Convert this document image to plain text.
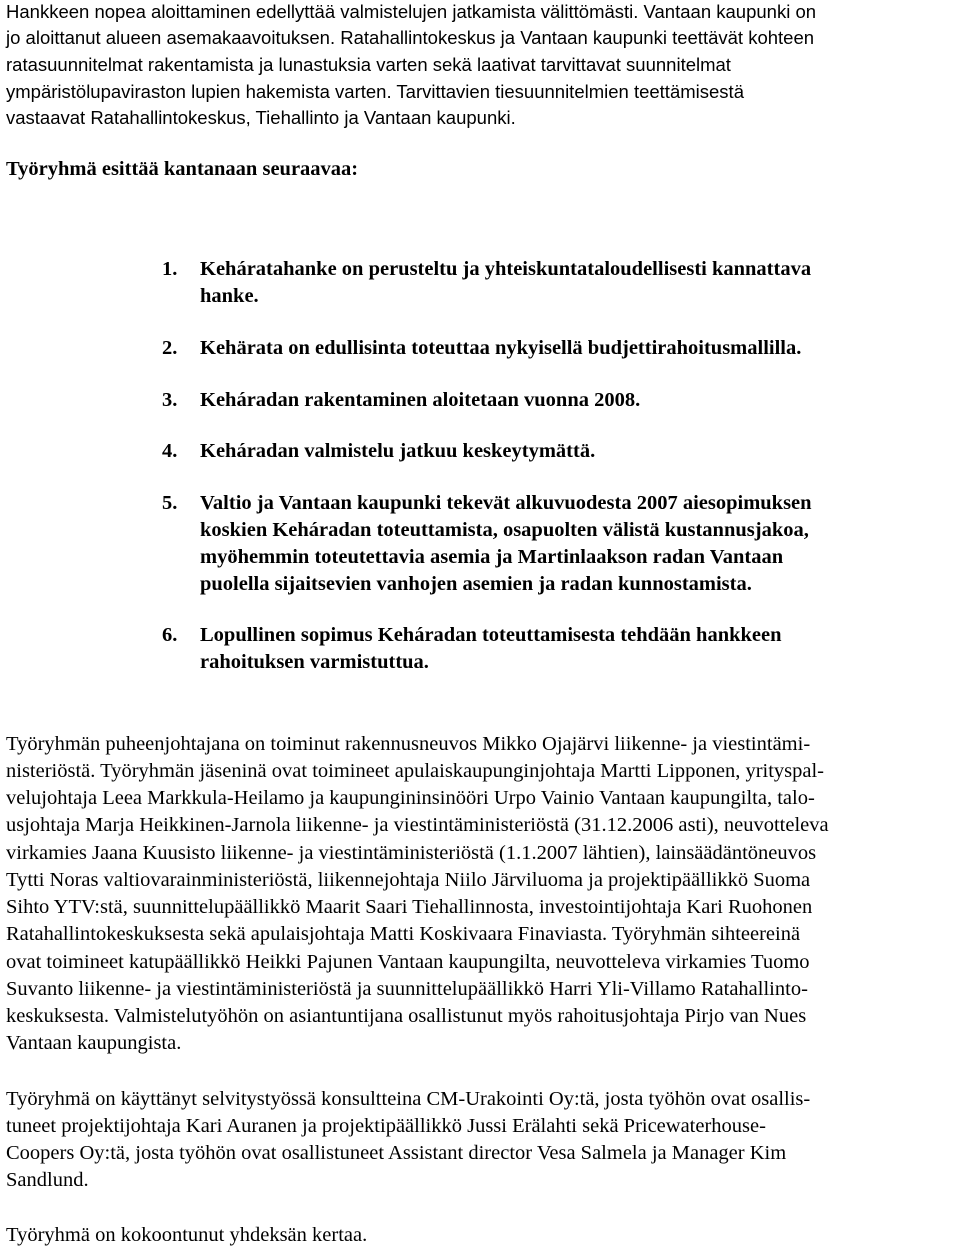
Hankkeen nopea aloittaminen edellyttää valmistelujen jatkamista välittömästi. Vantaan kaupunki on
jo aloittanut alueen asemakaavoituksen. Ratahallintokeskus ja Vantaan kaupunki teettävät kohteen
ratasuunnitelmat rakentamista ja lunastuksia varten sekä laativat tarvittavat suunnitelmat
ympäristölupaviraston lupien hakemista varten. Tarvittavien tiesuunnitelmien teettämisestä
vastaavat Ratahallintokeskus, Tiehallinto ja Vantaan kaupunki.
Työryhmä esittää kantanaan seuraavaa:
1. Keháratahanke on perusteltu ja yhteiskuntataloudellisesti kannattava
hanke.
2. Kehärata on edullisinta toteuttaa nykyisellä budjettirahoitusmallilla.
3. Keháradan rakentaminen aloitetaan vuonna 2008.
4. Keháradan valmistelu jatkuu keskeytymättä.
5. Valtio ja Vantaan kaupunki tekevät alkuvuodesta 2007 aiesopimuksen
koskien Keháradan toteuttamista, osapuolten välistä kustannusjakoa,
myöhemmin toteutettavia asemia ja Martinlaakson radan Vantaan
puolella sijaitsevien vanhojen asemien ja radan kunnostamista.
6. Lopullinen sopimus Keháradan toteuttamisesta tehdään hankkeen
rahoituksen varmistuttua.
Työryhmän puheenjohtajana on toiminut rakennusneuvos Mikko Ojajärvi liikenne- ja viestintämi-
nisteriöstä. Työryhmän jäseninä ovat toimineet apulaiskaupunginjohtaja Martti Lipponen, yrityspal-
velujohtaja Leea Markkula-Heilamo ja kaupungininsinööri Urpo Vainio Vantaan kaupungilta, talo-
usjohtaja Marja Heikkinen-Jarnola liikenne- ja viestintäministeriöstä (31.12.2006 asti), neuvotteleva
virkamies Jaana Kuusisto liikenne- ja viestintäministeriöstä (1.1.2007 lähtien), lainsäädäntöneuvos
Tytti Noras valtiovarainministeriöstä, liikennejohtaja Niilo Järviluoma ja projektipäällikkö Suoma
Sihto YTV:stä, suunnittelupäällikkö Maarit Saari Tiehallinnosta, investointijohtaja Kari Ruohonen
Ratahallintokeskuksesta sekä apulaisjohtaja Matti Koskivaara Finaviasta. Työryhmän sihteereinä
ovat toimineet katupäällikkö Heikki Pajunen Vantaan kaupungilta, neuvotteleva virkamies Tuomo
Suvanto liikenne- ja viestintäministeriöstä ja suunnittelupäällikkö Harri Yli-Villamo Ratahallinto-
keskuksesta. Valmistelutyöhön on asiantuntijana osallistunut myös rahoitusjohtaja Pirjo van Nues
Vantaan kaupungista.
Työryhmä on käyttänyt selvitystyössä konsultteina CM-Urakointi Oy:tä, josta työhön ovat osallis-
tuneet projektijohtaja Kari Auranen ja projektipäällikkö Jussi Erälahti sekä Pricewaterhouse-
Coopers Oy:tä, josta työhön ovat osallistuneet Assistant director Vesa Salmela ja Manager Kim
Sandlund.
Työryhmä on kokoontunut yhdeksän kertaa.
